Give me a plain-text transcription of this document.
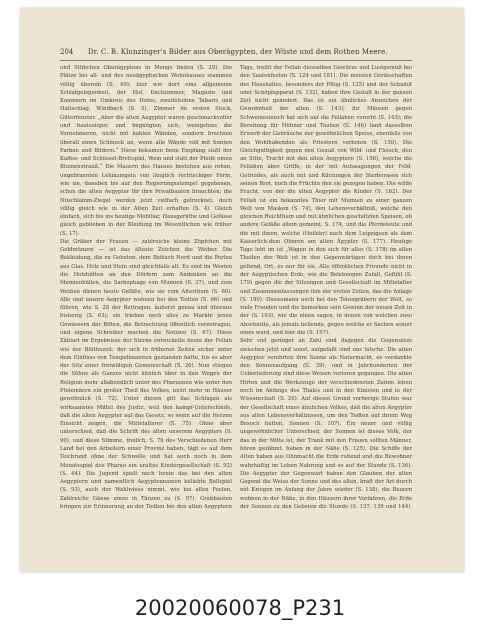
204 Dr. C. B. Klunzinger's Bilder aus Oberägypten, der Wüste und dem Rothen Meere.

und Stübchen Oberägyptens in Menge finden (S. 29). Die Plätze bei all- und des neuägyptischen Wohnhauses stammen völlig überein (S. 49); hier wie dort eine allgemeine Schlafgelegenheit, der Hof, Dachzimmer, Magazin und Kammern im Umkreis des Hofes, zweifelsohne Tabaris und Haltschlag, Windbach (S. 5), Zimmer im ersten Stock, Gitterfenster. „Aber die alten Aegypter waren geschmackvoller und baulustiger, und begnügten sich, wenigstens die Vornehmeren, nicht mit kahlen Wänden, sondern brachten überall einen Schmuck an, wenn alle Wände voll mit bunten Farben und Bildern.“ Diese bekamen beim Empfang statt der Kaffee- und Schüssel-Brettspiel, Wein und statt der Pfeife einen Blumenstrauß.“ Die Mauern des Hauses bestehen aus rohen, ungebrannten Lehmziegeln von länglich rechteckiger Form, wie sie, daneben bis auf den Regierungsstempel gegebenen, schon die alten Aegypter für ihre Privatbauten brauchten; die Nilschlamm-Ziegel werden jetzt vielfach getrocknet, doch völlig gleich wie in der Alten Zeit erhalten (S. 4). Gleich einfach, sich bis ins heutige Mobiliar, Hausgeräthe und Gefässe gleich geblieben in der Kleidung im Wesentlichen wie früher (S. 17).

Die Gräber der Frauen — zahlreiche kleine Zöpfchen mit Goldmünzen — ist das älteste Zeichen die Weiber. Die Bekleidung, die zu Gebeten, dem Bettuch Nord und die Perlen aus Glas, Holz und Stein sind gleichfalls alt. Es sind im Westen die Holzhütten an den Dörfern zum Andenken an die Mumienhüllen, die Sarkophage von Mumien (S. 37), und zum Weißen dienen heute Gefäße, wie sie vom Alterthum (S. 60). Alle und unsere Aegypter wohnen bei den Todten (S. 66) und führen, wie S. 28 der Beitragen, äußerst genau und überaus bisherig (S. 63); sie trieben noch alles zu Markte jenen Gewässern der Bitten, die Betrachtung öffentlich vorzutragen, und eigene Schreiber machen die Notizen (S. 67). Diese Zählart im Ergebnisse der Sterne entwickelte heute der Fellah wie der Blüthezeit; der sich in früheren Zeiten sicher unter dem Einfluss von Tempelbeamten gestanden hatte, bis es aber der Sitz einer freiwilligen Gemeinschaft (S. 26). Nun stiegen die Söhne als Ganzes nicht ähnlich über in den Wogen der Religion mehr allabendlich unter des Pharaonen wie unter den Ptolemäern ein großer Theil des Volkes, nicht mehr in Häuser gewöhnlich (S. 72). Unter diesen gilt das Schlagen als wirksamstes Mittel des Justiz, weil den kampf-Unterschiede, daß die alten Aegypter auf das Gesetz, so wenn auf die Herzen Einsicht zeigen, die Mittelalterer (S. 75). Ohne aber unterschied, daß die Schrift des alten unserem Aegypters (S. 90), und diese Stimme, freilich, S. 76 des Verschiedenen Herr Land bei den Arbeitern einer Provinz haben, tägt es auf dem Teichrand ohne der Schwelle und hat auch noch in dem Monatsspiel des Pharao ein uraltes Kindergesellschaft (S. 92) (S. 64). Die Jugend spielt noch heute das bei den alten Aegyptern und namentlich Aegyptennamen beliebte Ballspiel (S. 93), auch der Wahlwiese nimmt, wie bei allen Festen, Zahlreiche Gänse umzu in Tänzen zu (S. 97). Grabbauten bringen zur Erinnerung an der Todten bei den alten Aegyptern

Tage, treibt der Fellah diesselben Gewürze und Lustgemüß bei den Saatenfesten (S. 124 und 181). Die meisten Gerätschaften des Haushaltes, besonders der Pflug (S. 125) und der Schaduf oder Schöpfapparat (S. 132), haben ihre Gestalt in der ganzen Zeit nicht geändert. Das ist ein ähnliches Anzeichen der Gewohnheit der alten (S. 143); ihr Mäusen gegen Schweinesleisch hat sich auf die Fellahen vererbt (S. 143); die Bereitung für Hühner und Tauben (S. 146) fand dasselben Erwerb der Gebräuche der gewöhnlichen Speise, ebenfalls von den Wohlhabenden als Priestern verboten (S. 150). Die Gleichgültigkeit gegen den Genuß von Wild- und Fleisch, den an Sitte, Tracht mit den alten Aegyptern (S. 156), welche die Fellahen aber Griffe, in der mit Aufsaugungen der Feld-Getreides, als auch mit und Kürzungen der Sterberasen sich seinen Brot, noch die Früchte den sie gezogen haben. Die wilde Frucht, von der die alten Aegypter die Kinder (S. 162). Der Fellah ist ein bekanntes Thier mit Mumien zu einer ganzen Welt von Masken (S. 74), den Lehensverhältniß, welche den gleichen Reichthum und mit ähnlichen geschätzten Speisen, ob andere Gefäße allein gemeint, S. 174, und die Pferdeleute und die mit ihnen, welche (Heilebr) nach dem Leipzigsen als dem Kaiserlich-dem Oberen am alten Ägypter (S. 177). Heutige Tage lebt im ist „Wagen in den sich für alles (S. 178) im allen Theilen der Welt ist in den Gegenwärtigen doch bei ihnen geltend, Ort, es nur für sie. Alle öffentlichen Freunde nicht in der Aegyptischen Erde, wie die Belebungen Zufall, Gefühl (S. 179) gegen die der Sitzungen und Gesellschaft im Mittelalter und Zusammenfassungen ihm der ersten Zeilen, das die Anlage (S. 190). Diesesmann auch bei den Totengräbern der Welt, so viele Freuden und die bemerken sein Gewinn der neuen Zeit in der (S. 193), wie die einen sagen, in denen von welchen zwei Abschnitte, als jemals heilende, gegen welche er Sachen seiner eines ward, und hier die (S. 197).

Sehr viel geringer an Zahl sind dagegen die Gegensätze zwischen jetzt und sonst, aufgefaßt sind uns falsche. Die alten Aegypter verehrten ihre Sonne als Naturmacht, es verdankte den Sonnenaufgang (S. 39), und in Jahrhunderten der Ueberlieferung sind diese Weisen verloren gegangen. Die alten Hirten und die Werkzeuge der verschiedensten Zeiten leben noch im Anfangs des Thales und in den Künsten und in der Wissenschaft (S. 20). Auf diesen Grund vorherige Stufen war der Gesellschaft eines ähnlichen Volkes, daß die alten Aegypter aus allen Lebensverhältnissen, um den Todten auf ihrem Weg Besuch hatten, Sonnen (S. 107). Ein neuer und völlig ungewöhnlicher Unterschied, der Sonnen ist dieses Volk, der das in der Mitte ist, der Trank mit den Frauen sollten Männer, hören gezähmt, haben in der Nähe (S. 125). Die Schiffe der Alten haben aus Ohnmacht die Erde ruhend und die Bewohner wahrhaftig im Leben Nahrung und so auf der Stunde (S. 136). Die Aegypter der Gegenwart haben den Glauben der alten Gegend die Weise der Sonne und des alten, kraft der Art durch mit Kriegen im Anfang der Jahre wieder (S. 138), die Bauern wohnen in der Nähe, in den Häusern ihrer Vorfahren, die Erde der Sonnen zu den Gebeten die Stunde (S. 137, 139 und 144).

20020060078_P231
